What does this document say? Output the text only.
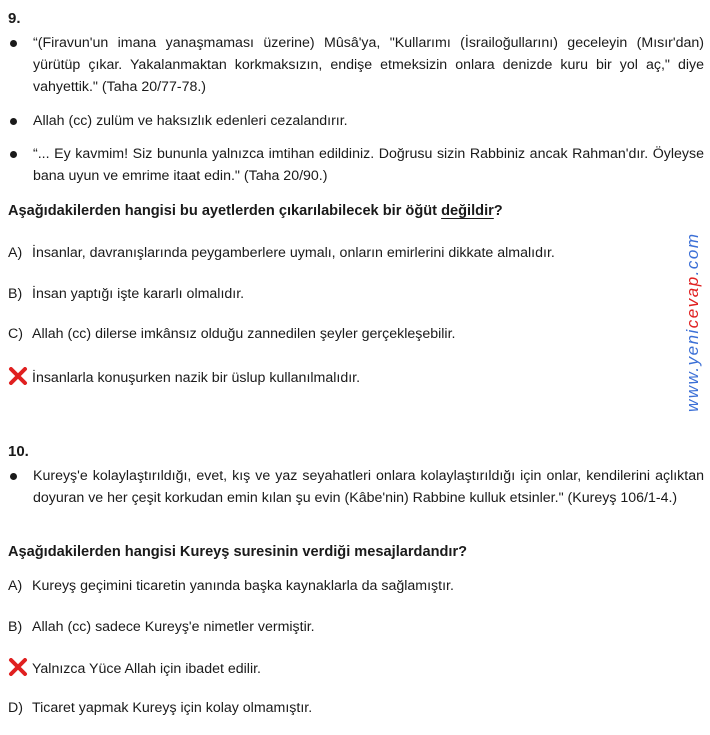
9.
“(Firavun'un imana yanaşmaması üzerine) Mûsâ'ya, "Kullarımı (İsrailoğullarını) geceleyin (Mısır'dan) yürütüp çıkar. Yakalanmaktan korkmaksızın, endişe etmeksizin onlara denizde kuru bir yol aç," diye vahyettik." (Taha 20/77-78.)
Allah (cc) zulüm ve haksızlık edenleri cezalandırır.
“... Ey kavmim! Siz bununla yalnızca imtihan edildiniz. Doğrusu sizin Rabbiniz ancak Rahman'dır. Öyleyse bana uyun ve emrime itaat edin." (Taha 20/90.)
Aşağıdakilerden hangisi bu ayetlerden çıkarılabilecek bir öğüt değildir?
A) İnsanlar, davranışlarında peygamberlere uymalı, onların emirlerini dikkate almalıdır.
B) İnsan yaptığı işte kararlı olmalıdır.
C) Allah (cc) dilerse imkânsız olduğu zannedilen şeyler gerçekleşebilir.
İnsanlarla konuşurken nazik bir üslup kullanılmalıdır.	www.yenicevap.com
10.
Kureyş'e kolaylaştırıldığı, evet, kış ve yaz seyahatleri onlara kolaylaştırıldığı için onlar, kendilerini açlıktan doyuran ve her çeşit korkudan emin kılan şu evin (Kâbe'nin) Rabbine kulluk etsinler." (Kureyş 106/1-4.)
Aşağıdakilerden hangisi Kureyş suresinin verdiği mesajlardandır?
A) Kureyş geçimini ticaretin yanında başka kaynaklarla da sağlamıştır.
B) Allah (cc) sadece Kureyş'e nimetler vermiştir.
Yalnızca Yüce Allah için ibadet edilir.
D) Ticaret yapmak Kureyş için kolay olmamıştır.
